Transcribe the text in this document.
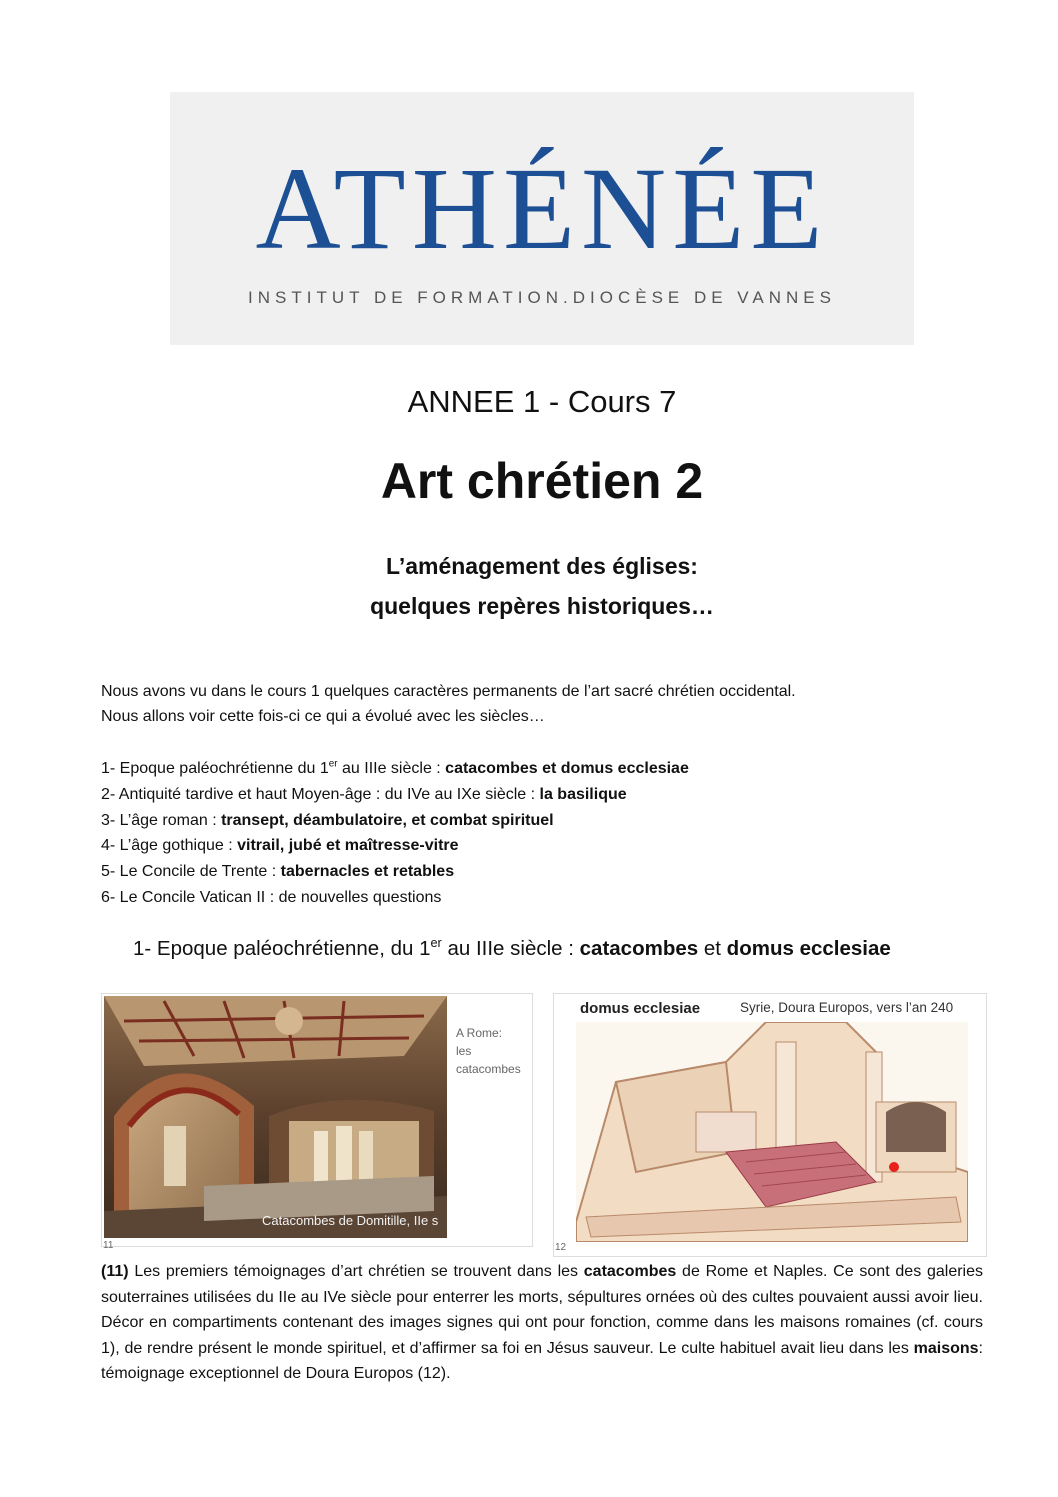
ATHÉNÉE
INSTITUT DE FORMATION.DIOCÈSE DE VANNES
ANNEE 1 - Cours 7
Art chrétien 2
L’aménagement des églises:
quelques repères historiques…
Nous avons vu dans le cours 1 quelques caractères permanents de l’art sacré chrétien occidental.
Nous allons voir cette fois-ci ce qui a évolué avec les siècles…
1- Epoque paléochrétienne du 1er au IIIe siècle : catacombes et domus ecclesiae
2- Antiquité tardive et haut Moyen-âge : du IVe au IXe siècle : la basilique
3- L’âge roman : transept, déambulatoire, et combat spirituel
4- L’âge gothique : vitrail, jubé et maîtresse-vitre
5- Le Concile de Trente : tabernacles et retables
6- Le Concile Vatican II : de nouvelles questions
1- Epoque paléochrétienne, du 1er au IIIe siècle : catacombes et domus ecclesiae
Catacombes de Domitille, IIe s
A Rome:
les
catacombes
11
domus ecclesiae	Syrie, Doura Europos, vers l’an 240
12
(11) Les premiers témoignages d’art chrétien se trouvent dans les catacombes de Rome et Naples. Ce sont des galeries souterraines utilisées du IIe au IVe siècle pour enterrer les morts, sépultures ornées où des cultes pouvaient aussi avoir lieu. Décor en compartiments contenant des images signes qui ont pour fonction, comme dans les maisons romaines (cf. cours 1), de rendre présent le monde spirituel, et d’affirmer sa foi en Jésus sauveur. Le culte habituel avait lieu dans les maisons: témoignage exceptionnel de Doura Europos (12).
